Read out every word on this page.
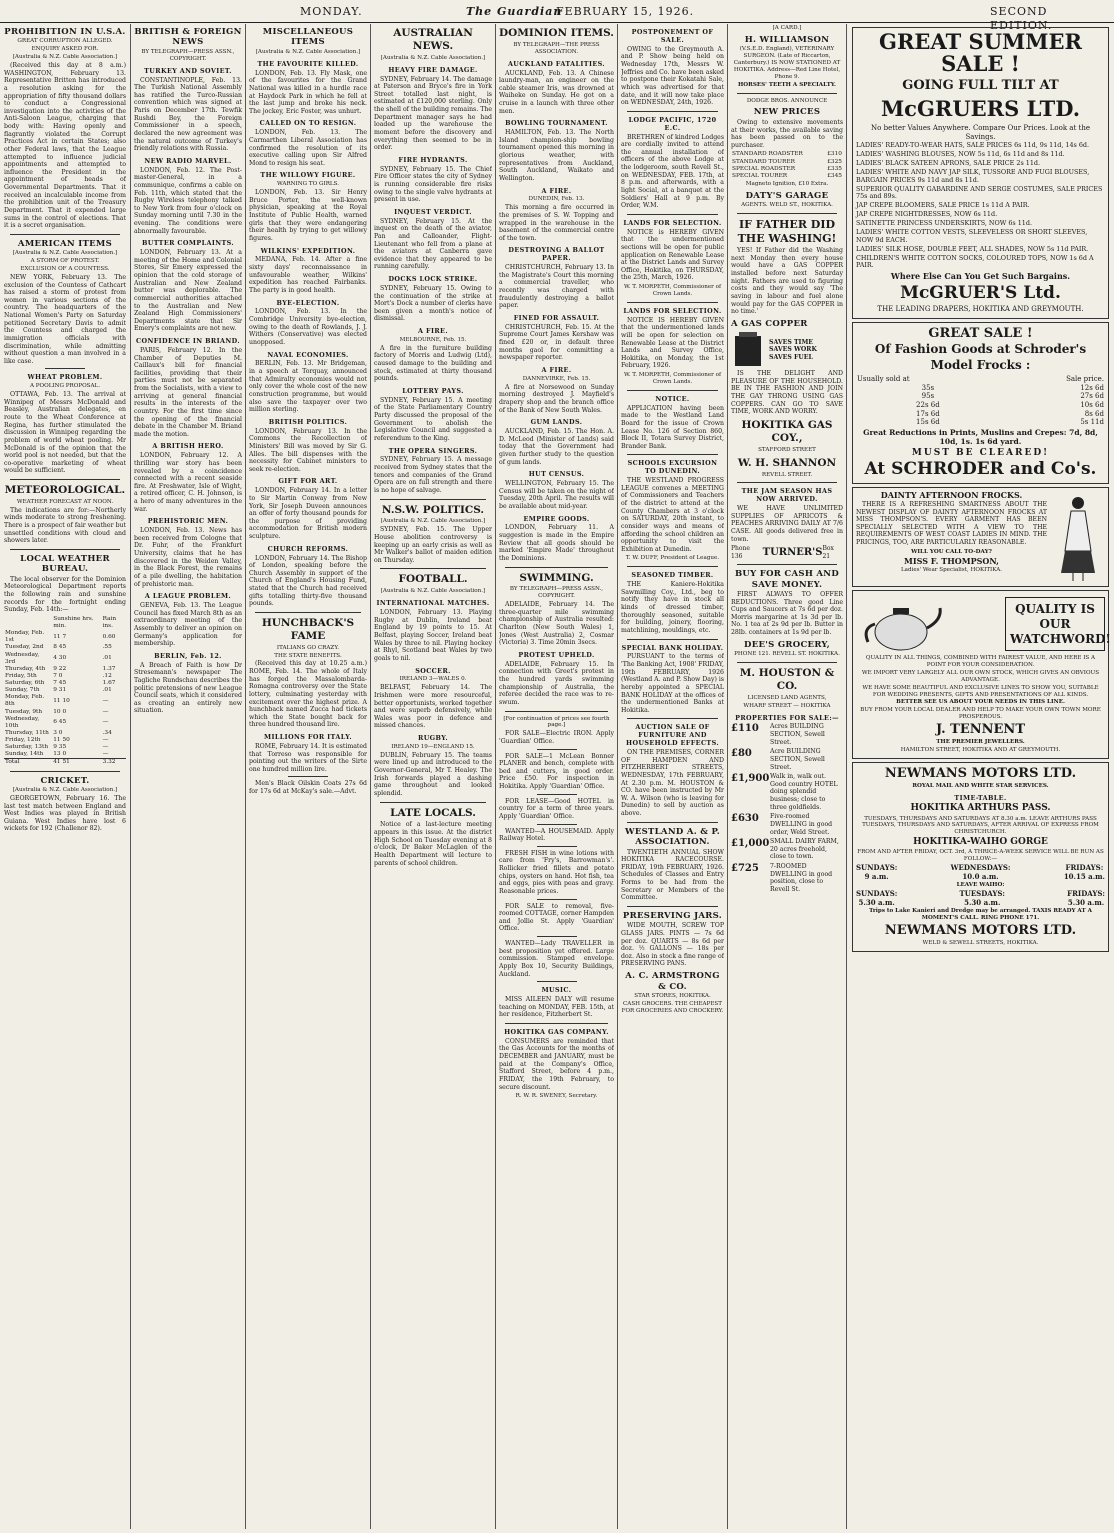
MONDAY.	The Guardian
FEBRUARY 15, 1926.	SECOND EDITION.
PROHIBITION IN U.S.A.
GREAT CORRUPTION ALLEGED.
ENQUIRY ASKED FOR.
[Australia & N.Z. Cable Association.]

(Received this day at 8 a.m.) WASHINGTON, February 13. Representative Britten has introduced a resolution asking for the appropriation of fifty thousand dollars to conduct a Congressional investigation into the activities of the Anti-Saloon League, charging that body with: Having openly and flagrantly violated the Corrupt Practices Act in certain States; also other Federal laws, that the League attempted to influence judicial appointments and attempted to influence the President in the appointment of heads of Governmental Departments. That it received an incalculable income from the prohibition unit of the Treasury Department. That it expended large sums in the control of elections. That it is a secret organisation.

AMERICAN ITEMS
[Australia & N.Z. Cable Association.]
A STORM OF PROTEST.
EXCLUSION OF A COUNTESS.

NEW YORK, February 13. The exclusion of the Countess of Cathcart has raised a storm of protest from women in various sections of the country. The headquarters of the National Women's Party on Saturday petitioned Secretary Davis to admit the Countess and charged the immigration officials with discrimination, while admitting without question a man involved in a like case.

WHEAT PROBLEM.
A POOLING PROPOSAL.

OTTAWA, Feb. 13. The arrival at Winnipeg of Messrs McDonald and Beasley, Australian delegates, en route to the Wheat Conference at Regina, has further stimulated the discussion in Winnipeg regarding the problem of world wheat pooling. Mr McDonald is of the opinion that the world pool is not needed, but that the co-operative marketing of wheat would be sufficient.

METEOROLOGICAL.
WEATHER FORECAST AT NOON.

The indications are for:—Northerly winds moderate to strong freshening. There is a prospect of fair weather but unsettled conditions with cloud and showers later.

LOCAL WEATHER BUREAU.

The local observer for the Dominion Meteorological Department reports the following rain and sunshine records for the fortnight ending Sunday, Feb. 14th:—

	Sunshine hrs. min.	Rain ins.
Monday, Feb. 1st	11 7	0.60
Tuesday, 2nd	8 45	.55
Wednesday, 3rd	4 30	.01
Thursday, 4th	9 22	1.37
Friday, 5th	7 0	.12
Saturday, 6th	7 45	1.67
Sunday, 7th	9 31	.01
Monday, Feb. 8th	11 10	—
Tuesday, 9th	10 0	—
Wednesday, 10th	6 45	—
Thursday, 11th	3 0	.34
Friday, 12th	11 50	—
Saturday, 13th	9 35	—
Sunday, 14th	13 0	—
Total	41 51	3.32
CRICKET.
[Australia & N.Z. Cable Association.]

GEORGETOWN, February 16. The last test match between England and West Indies was played in British Guiana. West Indies have lost 6 wickets for 192 (Challenor 82).

BRITISH & FOREIGN NEWS
BY TELEGRAPH—PRESS ASSN., COPYRIGHT.
TURKEY AND SOVIET.

CONSTANTINOPLE, Feb. 13. The Turkish National Assembly has ratified the Turco-Russian convention which was signed at Paris on December 17th. Tewfik Rushdi Bey, the Foreign Commissioner in a speech, declared the new agreement was the natural outcome of Turkey's friendly relations with Russia.

NEW RADIO MARVEL.

LONDON, Feb. 12. The Post-master-General, in a communique, confirms a cable on Feb. 11th, which stated that the Rugby Wireless telephony talked to New York from four o'clock on Sunday morning until 7.30 in the evening. The conditions were abnormally favourable.

BUTTER COMPLAINTS.

LONDON, February 13. At a meeting of the Home and Colonial Stores, Sir Emery expressed the opinion that the cold storage of Australian and New Zealand butter was deplorable. The commercial authorities attached to the Australian and New Zealand High Commissioners' Departments state that Sir Emery's complaints are not new.

CONFIDENCE IN BRIAND.

PARIS, February 12. In the Chamber of Deputies M. Caillaux's bill for financial facilities, providing that their parties must not be separated from the Socialists, with a view to arriving at general financial results in the interests of the country. For the first time since the opening of the financial debate in the Chamber M. Briand made the motion.

A BRITISH HERO.

LONDON, February 12. A thrilling war story has been revealed by a coincidence connected with a recent seaside fire. At Freshwater, Isle of Wight, a retired officer, C. H. Johnson, is a hero of many adventures in the war.

PREHISTORIC MEN.

LONDON, Feb. 13. News has been received from Cologne that Dr. Fuhr, of the Frankfurt University, claims that he has discovered in the Weiden Valley, in the Black Forest, the remains of a pile dwelling, the habitation of prehistoric man.

A LEAGUE PROBLEM.

GENEVA, Feb. 13. The League Council has fixed March 8th as an extraordinary meeting of the Assembly to deliver an opinion on Germany's application for membership.

BERLIN, Feb. 12.

A Breach of Faith is how Dr Stresemann's newspaper The Tagliche Rundschau describes the politic pretensions of new League Council seats, which it considered as creating an entirely new situation.

MISCELLANEOUS ITEMS
[Australia & N.Z. Cable Association.]
THE FAVOURITE KILLED.

LONDON, Feb. 13. Fly Mask, one of the favourites for the Grand National was killed in a hurdle race at Haydock Park in which he fell at the last jump and broke his neck. The jockey, Eric Foster, was unhurt.

CALLED ON TO RESIGN.

LONDON, Feb. 13. The Carmarthen Liberal Association has confirmed the resolution of its executive calling upon Sir Alfred Mond to resign his seat.

THE WILLOWY FIGURE.
WARNING TO GIRLS.

LONDON, Feb. 13. Sir Henry Bruce Porter, the well-known physician, speaking at the Royal Institute of Public Health, warned girls that they were endangering their health by trying to get willowy figures.

WILKINS' EXPEDITION.

MEDANA, Feb. 14. After a fine sixty days' reconnaissance in unfavourable weather, Wilkins' expedition has reached Fairbanks. The party is in good health.

BYE-ELECTION.

LONDON, Feb. 13. In the Combridge University bye-election, owing to the death of Rowlands, J. J. Withers (Conservative) was elected unopposed.

NAVAL ECONOMIES.

BERLIN, Feb. 13. Mr Bridgeman, in a speech at Torquay, announced that Admiralty economies would not only cover the whole cost of the new construction programme, but would also save the taxpayer over two million sterling.

BRITISH POLITICS.

LONDON, February 13. In the Commons the Recollection of Ministers' Bill was moved by Sir G. Alles. The bill dispenses with the necessity for Cabinet ministers to seek re-election.

GIFT FOR ART.

LONDON, February 14. In a letter to Sir Martin Conway from New York, Sir Joseph Duveen announces an offer of forty thousand pounds for the purpose of providing accommodation for British modern sculpture.

CHURCH REFORMS.

LONDON, February 14. The Bishop of London, speaking before the Church Assembly in support of the Church of England's Housing Fund, stated that the Church had received gifts totalling thirty-five thousand pounds.

HUNCHBACK'S FAME
ITALIANS GO CRAZY.
THE STATE BENEFITS.

(Received this day at 10.25 a.m.) ROME, Feb. 14. The whole of Italy has forged the Massalombarda-Romagna controversy over the State lottery, culminating yesterday with excitement over the highest prize. A hunchback named Zucca had tickets which the State bought back for three hundred thousand lire.

MILLIONS FOR ITALY.

ROME, February 14. It is estimated that Torreso was responsible for pointing out the writers of the Sirte one hundred million lire.

Men's Black Oilskin Coats 27s 6d for 17s 6d at McKay's sale.—Advt.

AUSTRALIAN NEWS.
[Australia & N.Z. Cable Association.]
HEAVY FIRE DAMAGE.

SYDNEY, February 14. The damage at Paterson and Bryce's fire in York Street totalled last night, is estimated at £120,000 sterling. Only the shell of the building remains. The Department manager says he had loaded up the warehouse the moment before the discovery and everything then seemed to be in order.

FIRE HYDRANTS.

SYDNEY, February 15. The Chief Fire Officer states the city of Sydney is running considerable fire risks owing to the single valve hydrants at present in use.

INQUEST VERDICT.

SYDNEY, February 15. At the inquest on the death of the aviator, Pan and Calloander, Flight-Lieutenant who fell from a plane at the aviators at Canberra gave evidence that they appeared to be running carefully.

DOCKS LOCK STRIKE.

SYDNEY, February 15. Owing to the continuation of the strike at Mort's Dock a number of clerks have been given a month's notice of dismissal.

A FIRE.
MELBOURNE, Feb. 15.

A fire in the furniture building factory of Morris and Ludwig (Ltd), caused damage to the building and stock, estimated at thirty thousand pounds.

LOTTERY PAYS.

SYDNEY, February 15. A meeting of the State Parliamentary Country Party discussed the proposal of the Government to abolish the Legislative Council and suggested a referendum to the King.

THE OPERA SINGERS.

SYDNEY, February 15. A message received from Sydney states that the tenors and companies of the Grand Opera are on full strength and there is no hope of salvage.

N.S.W. POLITICS.
[Australia & N.Z. Cable Association.]

SYDNEY, Feb. 15. The Upper House abolition controversy is keeping up an early crisis as well as Mr Walker's ballot of maiden edition on Thursday.

FOOTBALL.
[Australia & N.Z. Cable Association.]
INTERNATIONAL MATCHES.

LONDON, February 13. Playing Rugby at Dublin, Ireland beat England by 19 points to 15. At Belfast, playing Soccer, Ireland beat Wales by three to nil. Playing hockey at Rhyl, Scotland beat Wales by two goals to nil.

SOCCER.
IRELAND 3—WALES 0.

BELFAST, February 14. The Irishmen were more resourceful, better opportunists, worked together and were superb defensively, while Wales was poor in defence and missed chances.

RUGBY.
IRELAND 19—ENGLAND 15.

DUBLIN, February 15. The teams were lined up and introduced to the Governor-General, Mr T. Healey. The Irish forwards played a dashing game throughout and looked splendid.

LATE LOCALS.

Notice of a last-lecture meeting appears in this issue. At the district High School on Tuesday evening at 8 o'clock, Dr Baker McLaglen of the Health Department will lecture to parents of school children.

DOMINION ITEMS.
BY TELEGRAPH—THE PRESS ASSOCIATION.
AUCKLAND FATALITIES.

AUCKLAND, Feb. 13. A Chinese laundry-man, an engineer on the cable steamer Iris, was drowned at Waiheke on Sunday. He got on a cruise in a launch with three other men.

BOWLING TOURNAMENT.

HAMILTON, Feb. 13. The North Island champion-ship bowling tournament opened this morning in glorious weather, with representatives from Auckland, South Auckland, Waikato and Wellington.

A FIRE.
DUNEDIN, Feb. 13.

This morning a fire occurred in the premises of S. W. Topping and wrapped in the warehouse in the basement of the commercial centre of the town.

DESTROYING A BALLOT PAPER.

CHRISTCHURCH, February 13. In the Magistrate's Court this morning a commercial traveller, who recently was charged with fraudulently destroying a ballot paper.

FINED FOR ASSAULT.

CHRISTCHURCH, Feb. 15. At the Supreme Court James Kershaw was fined £20 or, in default three months gaol for committing a newspaper reporter.

A FIRE.
DANNEVIRKE, Feb. 15.

A fire at Norsewood on Sunday morning destroyed J. Mayfield's drapery shop and the branch office of the Bank of New South Wales.

GUM LANDS.

AUCKLAND, Feb. 15. The Hon. A. D. McLeod (Minister of Lands) said today that the Government had given further study to the question of gum lands.

HUT CENSUS.

WELLINGTON, February 15. The Census will be taken on the night of Tuesday, 20th April. The results will be available about mid-year.

EMPIRE GOODS.

LONDON, February 11. A suggestion is made in the Empire Review that all goods should be marked 'Empire Made' throughout the Dominions.

SWIMMING.
BY TELEGRAPH—PRESS ASSN., COPYRIGHT.

ADELAIDE, February 14. The three-quarter mile swimming championship of Australia resulted: Charlton (New South Wales) 1, Jones (West Australia) 2, Cosmar (Victoria) 3. Time 20min 3secs.

PROTEST UPHELD.

ADELAIDE, February 15. In connection with Greet's protest in the hundred yards swimming championship of Australia, the referee decided the race was to re-swum.

[For continuation of prices see fourth page.]

FOR SALE—Electric IRON. Apply 'Guardian' Office.

FOR SALE—1 McLean Bonner PLANER and bench, complete with bed and cutters, in good order. Price £50. For inspection in Hokitika. Apply 'Guardian' Office.

FOR LEASE—Good HOTEL in country for a term of three years. Apply 'Guardian' Office.

WANTED—A HOUSEMAID. Apply Railway Hotel.

FRESH FISH in wine lotions with care from 'Fry's, Barrowman's'. Rollicker fried fillets and potato chips, oysters on hand. Hot fish, tea and eggs, pies with peas and gravy. Reasonable prices.

FOR SALE to removal, five-roomed COTTAGE, corner Hampden and Jollie St. Apply 'Guardian' Office.

WANTED—Lady TRAVELLER in best proposition yet offered. Large commission. Stamped envelope. Apply Box 10, Security Buildings, Auckland.

MUSIC.

MISS AILEEN DALY will resume teaching on MONDAY, FEB. 15th, at her residence, Fitzherbert St.

HOKITIKA GAS COMPANY.

CONSUMERS are reminded that the Gas Accounts for the months of DECEMBER and JANUARY, must be paid at the Company's Office, Stafford Street, before 4 p.m., FRIDAY, the 19th February, to secure discount.

R. W. R. SWENEY, Secretary.
POSTPONEMENT OF SALE.

OWING to the Greymouth A. and P. Show being held on Wednesday 17th, Messrs W. Jeffries and Co. have been asked to postpone their Kokatahi Sale, which was advertised for that date, and it will now take place on WEDNESDAY, 24th, 1926.

LODGE PACIFIC, 1720 E.C.

BRETHREN of kindred Lodges are cordially invited to attend the annual installation of officers of the above Lodge at the lodgeroom, south Revell St., on WEDNESDAY, FEB. 17th, at 8 p.m. and afterwards, with a light Social, at a banquet at the Soldiers' Hall at 9 p.m. By Order, W.M.

LANDS FOR SELECTION.

NOTICE is HEREBY GIVEN that the undermentioned sections will be open for public application on Renewable Lease at the District Lands and Survey Office, Hokitika, on THURSDAY, the 25th, March, 1926.

W. T. MORPETH, Commissioner of Crown Lands.
LANDS FOR SELECTION.

NOTICE IS HEREBY GIVEN that the undermentioned lands will be open for selection on Renewable Lease at the District Lands and Survey Office, Hokitika, on Monday, the 1st February, 1926.

W. T. MORPETH, Commissioner of Crown Lands.
NOTICE.

APPLICATION having been made to the Westland Land Board for the issue of Crown Lease No. 126 of Section 860, Block II, Totara Survey District, Brander Bank.

SCHOOLS EXCURSION TO DUNEDIN.

THE WESTLAND PROGRESS LEAGUE convenes a MEETING of Commissioners and Teachers of the district to attend at the County Chambers at 3 o'clock on SATURDAY, 20th instant, to consider ways and means of affording the school children an opportunity to visit the Exhibition at Dunedin.

T. W. DUFF, President of League.
SEASONED TIMBER.

THE Kaniere-Hokitika Sawmilling Coy., Ltd., beg to notify they have in stock all kinds of dressed timber, thoroughly seasoned, suitable for building, joinery, flooring, matchlining, mouldings, etc.

SPECIAL BANK HOLIDAY.

PURSUANT to the terms of 'The Banking Act, 1908' FRIDAY, 19th FEBRUARY, 1926 (Westland A. and P. Show Day) is hereby appointed a SPECIAL BANK HOLIDAY at the offices of the undermentioned Banks at Hokitika.

AUCTION SALE OF FURNITURE AND HOUSEHOLD EFFECTS.

ON THE PREMISES, CORNER OF HAMPDEN AND FITZHERBERT STREETS, WEDNESDAY, 17th FEBRUARY, At 2.30 p.m. M. HOUSTON & CO. have been instructed by Mr W. A. Wilson (who is leaving for Dunedin) to sell by auction as above.

WESTLAND A. & P. ASSOCIATION.

TWENTIETH ANNUAL SHOW HOKITIKA RACECOURSE. FRIDAY, 19th FEBRUARY, 1926. Schedules of Classes and Entry Forms to be had from the Secretary or Members of the Committee.

PRESERVING JARS.

WIDE MOUTH, SCREW TOP GLASS JARS. PINTS — 7s 6d per doz. QUARTS — 8s 6d per doz. ½ GALLONS — 18s per doz. Also in stock a fine range of PRESERVING PANS.

A. C. ARMSTRONG & CO.
STAR STORES, HOKITIKA.
CASH GROCERS. THE CHEAPEST FOR GROCERIES AND CROCKERY.
[A CARD.]
H. WILLIAMSON
(V.S.E.D. England), VETERINARY SURGEON. (Late of Riccarton, Canterbury.) IS NOW STATIONED AT HOKITIKA. Address—Red Line Hotel, Phone 9.
HORSES' TEETH A SPECIALTY.
DODGE BROS. ANNOUNCE
NEW PRICES

Owing to extensive movements at their works, the available saving has been passed on to the purchaser.

STANDARD ROADSTER	£310
STANDARD TOURER	£325
SPECIAL ROADSTER	£335
SPECIAL TOURER	£345
Magneto Ignition, £10 Extra.
DATY'S GARAGE
AGENTS. WELD ST., HOKITIKA.
IF FATHER DID THE WASHING!

YES! If Father did the Washing next Monday then every house would have a GAS COPPER installed before next Saturday night. Fathers are used to figuring costs and they would say 'The saving in labour and fuel alone would pay for the GAS COPPER in no time.'

A GAS COPPER
SAVES TIME
SAVES WORK
SAVES FUEL

IS THE DELIGHT AND PLEASURE OF THE HOUSEHOLD. BE IN THE FASHION AND JOIN THE GAY THRONG USING GAS COPPERS. CAN GO TO SAVE TIME, WORK AND WORRY.

HOKITIKA GAS COY.,
STAFFORD STREET
W. H. SHANNON
REVELL STREET.
THE JAM SEASON HAS NOW ARRIVED.

WE HAVE UNLIMITED SUPPLIES OF APRICOTS & PEACHES ARRIVING DAILY AT 7/6 CASE. All goods delivered free in town.

Phone 136	TURNER'S Box 21
BUY FOR CASH AND SAVE MONEY.

FIRST ALWAYS TO OFFER REDUCTIONS. Three good Line Cups and Saucers at 7s 6d per doz. Morris margarine at 1s 3d per lb. No. 1 tea at 2s 9d per lb. Butter in 28lb. containers at 1s 9d per lb.

DEE'S GROCERY,
PHONE 121. REVELL ST. HOKITIKA.
M. HOUSTON & CO.
LICENSED LAND AGENTS,
WHARF STREET — HOKITIKA
PROPERTIES FOR SALE:—
£110	Acres BUILDING SECTION, Sewell Street.
£80	Acre BUILDING SECTION, Sewell Street.
£1,900 Walk in, walk out. Good country HOTEL doing splendid business; close to three goldfields.
£630	Five-roomed DWELLING in good order, Weld Street.
£1,000 SMALL DAIRY FARM, 20 acres freehold, close to town.
£725	7-ROOMED DWELLING in good position, close to Revell St.
GREAT SUMMER SALE !
GOING FULL TILT AT
McGRUERS LTD.
No better Values Anywhere. Compare Our Prices. Look at the Savings.
LADIES' READY-TO-WEAR HATS, SALE PRICES 6s 11d, 9s 11d, 14s 6d.
LADIES' WASHING BLOUSES, NOW 5s 11d, 6s 11d and 8s 11d.
LADIES' BLACK SATEEN APRONS, SALE PRICE 2s 11d.
LADIES' WHITE AND NAVY JAP SILK, TUSSORE AND FUGI BLOUSES, BARGAIN PRICES 9s 11d and 8s 11d.
SUPERIOR QUALITY GABARDINE AND SERGE COSTUMES, SALE PRICES 75s and 89s.
JAP CREPE BLOOMERS, SALE PRICE 1s 11d A PAIR.
JAP CREPE NIGHTDRESSES, NOW 6s 11d.
SATINETTE PRINCESS UNDERSKIRTS, NOW 6s 11d.
LADIES' WHITE COTTON VESTS, SLEEVELESS OR SHORT SLEEVES, NOW 9d EACH.
LADIES' SILK HOSE, DOUBLE FEET, ALL SHADES, NOW 5s 11d PAIR.
CHILDREN'S WHITE COTTON SOCKS, COLOURED TOPS, NOW 1s 6d A PAIR.
Where Else Can You Get Such Bargains.
McGRUER'S Ltd.
THE LEADING DRAPERS, HOKITIKA AND GREYMOUTH.
GREAT SALE !
Of Fashion Goods at Schroder's
Model Frocks :
Usually sold at	Sale price.
35s	12s 6d
95s	27s 6d
22s 6d	10s 6d
17s 6d	8s 6d
15s 6d	5s 11d
Great Reductions in Prints, Muslins and Crepes: 7d, 8d, 10d, 1s. 1s 6d yard.
MUST BE CLEARED!
At SCHRODER and Co's.
DAINTY AFTERNOON FROCKS.

THERE IS A REFRESHING SMARTNESS ABOUT THE NEWEST DISPLAY OF DAINTY AFTERNOON FROCKS AT MISS THOMPSON'S. EVERY GARMENT HAS BEEN SPECIALLY SELECTED WITH A VIEW TO THE REQUIREMENTS OF WEST COAST LADIES IN MIND. THE PRICINGS, TOO, ARE PARTICULARLY REASONABLE.

WILL YOU CALL TO-DAY?
MISS F. THOMPSON,
Ladies' Wear Specialist, HOKITIKA.
QUALITY IS OUR WATCHWORD!
QUALITY IN ALL THINGS, COMBINED WITH FAIREST VALUE, AND HERE IS A POINT FOR YOUR CONSIDERATION.
WE IMPORT VERY LARGELY ALL OUR OWN STOCK, WHICH GIVES AN OBVIOUS ADVANTAGE.
WE HAVE SOME BEAUTIFUL AND EXCLUSIVE LINES TO SHOW YOU, SUITABLE FOR WEDDING PRESENTS, GIFTS AND PRESENTATIONS OF ALL KINDS.
BETTER SEE US ABOUT YOUR NEEDS IN THIS LINE.
BUY FROM YOUR LOCAL DEALER AND HELP TO MAKE YOUR OWN TOWN MORE PROSPEROUS.
J. TENNENT
THE PREMIER JEWELLERS.
HAMILTON STREET, HOKITIKA AND AT GREYMOUTH.
NEWMANS MOTORS LTD.
ROYAL MAIL AND WHITE STAR SERVICES.
TIME-TABLE.
HOKITIKA ARTHURS PASS.
TUESDAYS, THURSDAYS AND SATURDAYS AT 8.30 a.m. LEAVE ARTHURS PASS TUESDAYS, THURSDAYS AND SATURDAYS, AFTER ARRIVAL OF EXPRESS FROM CHRISTCHURCH.
HOKITIKA-WAIHO GORGE
FROM AND AFTER FRIDAY, OCT. 3rd, A THRICE-A-WEEK SERVICE WILL BE RUN AS FOLLOW:—
SUNDAYS:
9 a.m.
WEDNESDAYS:
10.0 a.m.
FRIDAYS:
10.15 a.m.
LEAVE WAIHO:
SUNDAYS:
5.30 a.m.
TUESDAYS:
5.30 a.m.
FRIDAYS:
5.30 a.m.
Trips to Lake Kanieri and Dredge may be arranged. TAXIS READY AT A MOMENT'S CALL. RING PHONE 171.
NEWMANS MOTORS LTD.
WELD & SEWELL STREETS, HOKITIKA.
